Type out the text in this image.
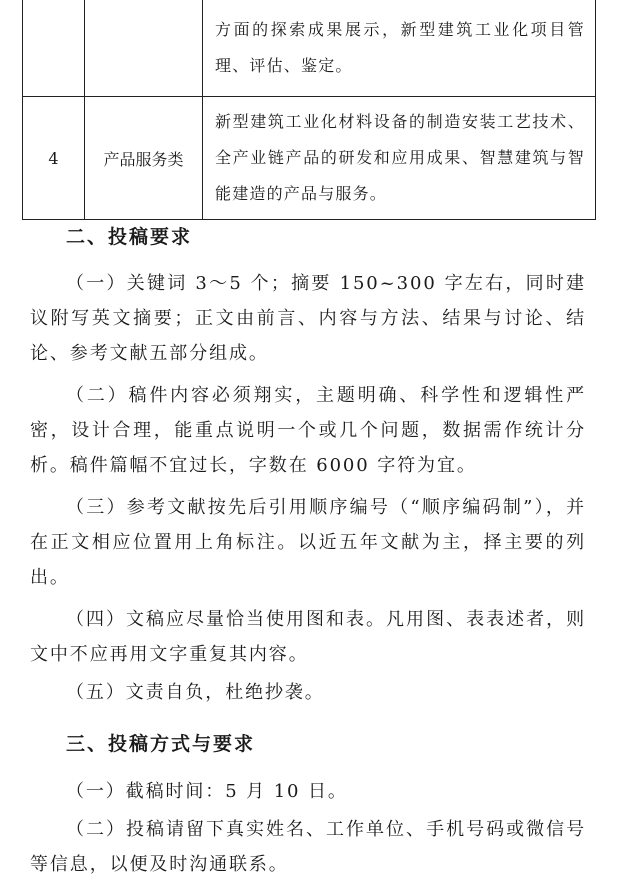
		方面的探索成果展示，新型建筑工业化项目管理、评估、鉴定。
4	产品服务类	新型建筑工业化材料设备的制造安装工艺技术、全产业链产品的研发和应用成果、智慧建筑与智能建造的产品与服务。
二、投稿要求

（一）关键词 3～5 个；摘要 150~300 字左右，同时建议附写英文摘要；正文由前言、内容与方法、结果与讨论、结论、参考文献五部分组成。

（二）稿件内容必须翔实，主题明确、科学性和逻辑性严密，设计合理，能重点说明一个或几个问题，数据需作统计分析。稿件篇幅不宜过长，字数在 6000 字符为宜。

（三）参考文献按先后引用顺序编号（“顺序编码制”），并在正文相应位置用上角标注。以近五年文献为主，择主要的列出。

（四）文稿应尽量恰当使用图和表。凡用图、表表述者，则文中不应再用文字重复其内容。

（五）文责自负，杜绝抄袭。

三、投稿方式与要求

（一）截稿时间：5 月 10 日。

（二）投稿请留下真实姓名、工作单位、手机号码或微信号等信息，以便及时沟通联系。
